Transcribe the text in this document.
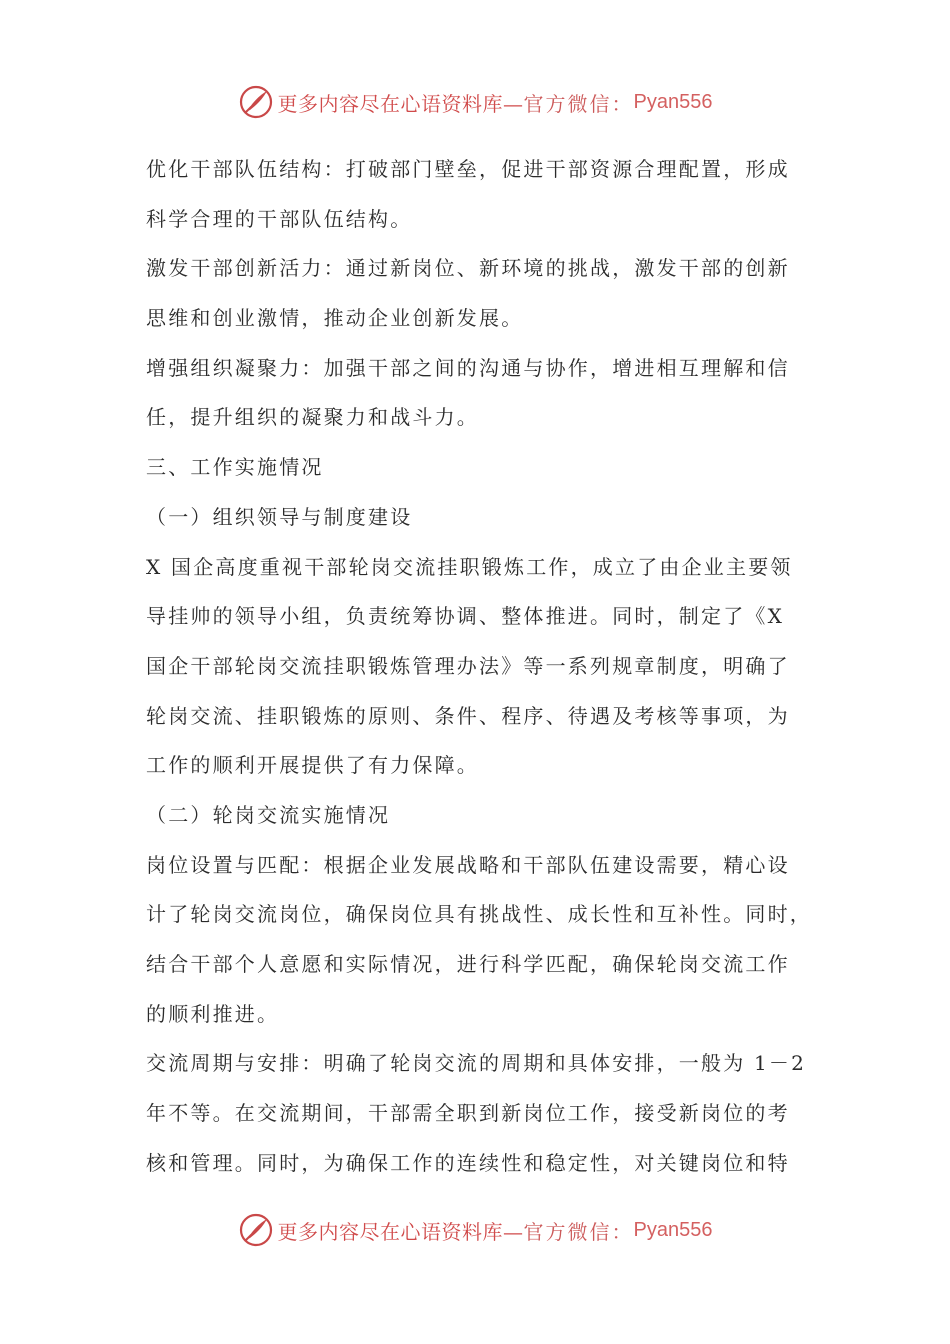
更多内容尽在心语资料库— 官方微信： Pyan556
优化干部队伍结构：打破部门壁垒，促进干部资源合理配置，形成
科学合理的干部队伍结构。
激发干部创新活力：通过新岗位、新环境的挑战，激发干部的创新
思维和创业激情，推动企业创新发展。
增强组织凝聚力：加强干部之间的沟通与协作，增进相互理解和信
任，提升组织的凝聚力和战斗力。
三、工作实施情况
（一）组织领导与制度建设
X 国企高度重视干部轮岗交流挂职锻炼工作，成立了由企业主要领
导挂帅的领导小组，负责统筹协调、整体推进。同时，制定了《X
国企干部轮岗交流挂职锻炼管理办法》等一系列规章制度，明确了
轮岗交流、挂职锻炼的原则、条件、程序、待遇及考核等事项，为
工作的顺利开展提供了有力保障。
（二）轮岗交流实施情况
岗位设置与匹配：根据企业发展战略和干部队伍建设需要，精心设
计了轮岗交流岗位，确保岗位具有挑战性、成长性和互补性。同时，
结合干部个人意愿和实际情况，进行科学匹配，确保轮岗交流工作
的顺利推进。
交流周期与安排：明确了轮岗交流的周期和具体安排，一般为 1－2
年不等。在交流期间，干部需全职到新岗位工作，接受新岗位的考
核和管理。同时，为确保工作的连续性和稳定性，对关键岗位和特
更多内容尽在心语资料库— 官方微信： Pyan556
